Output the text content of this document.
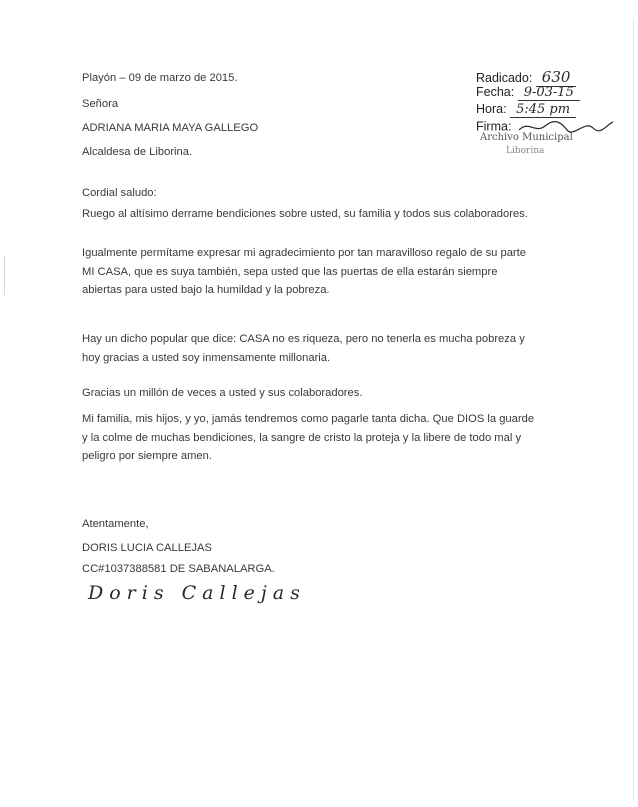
Playón – 09 de marzo de 2015.
Señora
ADRIANA MARIA MAYA GALLEGO
Alcaldesa de Liborina.
Cordial saludo:
Ruego al altísimo derrame bendiciones sobre usted, su familia y todos sus colaboradores.
Igualmente permítame expresar mi agradecimiento por tan maravilloso regalo de su parte MI CASA, que es suya también, sepa usted que las puertas de ella estarán siempre abiertas para usted bajo la humildad y la pobreza.
Hay un dicho popular que dice: CASA no es riqueza, pero no tenerla es mucha pobreza y hoy gracias a usted soy inmensamente millonaria.
Gracias un millón de veces a usted y sus colaboradores.
Mi familia, mis hijos, y yo, jamás tendremos como pagarle tanta dicha. Que DIOS la guarde y la colme de muchas bendiciones, la sangre de cristo la proteja y la libere de todo mal y peligro por siempre amen.
Atentamente,
DORIS LUCIA CALLEJAS
CC#1037388581 DE SABANALARGA.
Doris Callejas
Radicado: 630
Fecha: 9-03-15
Hora: 5:45 pm
Firma:
Archivo Municipal
Liborina
